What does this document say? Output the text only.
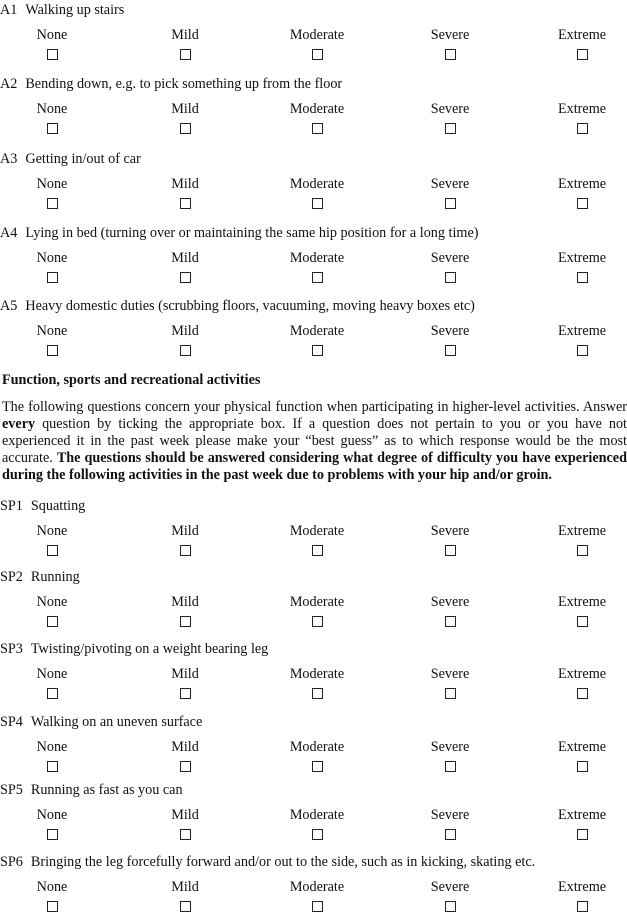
A1 Walking up stairs
None	Mild	Moderate	Severe	Extreme
A2 Bending down, e.g. to pick something up from the floor
None	Mild	Moderate	Severe	Extreme
A3 Getting in/out of car
None	Mild	Moderate	Severe	Extreme
A4 Lying in bed (turning over or maintaining the same hip position for a long time)
None	Mild	Moderate	Severe	Extreme
A5 Heavy domestic duties (scrubbing floors, vacuuming, moving heavy boxes etc)
None	Mild	Moderate	Severe	Extreme
Function, sports and recreational activities

The following questions concern your physical function when participating in higher-level activities. Answer every question by ticking the appropriate box. If a question does not pertain to you or you have not experienced it in the past week please make your “best guess” as to which response would be the most accurate. The questions should be answered considering what degree of difficulty you have experienced during the following activities in the past week due to problems with your hip and/or groin.

SP1 Squatting
None	Mild	Moderate	Severe	Extreme
SP2 Running
None	Mild	Moderate	Severe	Extreme
SP3 Twisting/pivoting on a weight bearing leg
None	Mild	Moderate	Severe	Extreme
SP4 Walking on an uneven surface
None	Mild	Moderate	Severe	Extreme
SP5 Running as fast as you can
None	Mild	Moderate	Severe	Extreme
SP6 Bringing the leg forcefully forward and/or out to the side, such as in kicking, skating etc.
None	Mild	Moderate	Severe	Extreme
